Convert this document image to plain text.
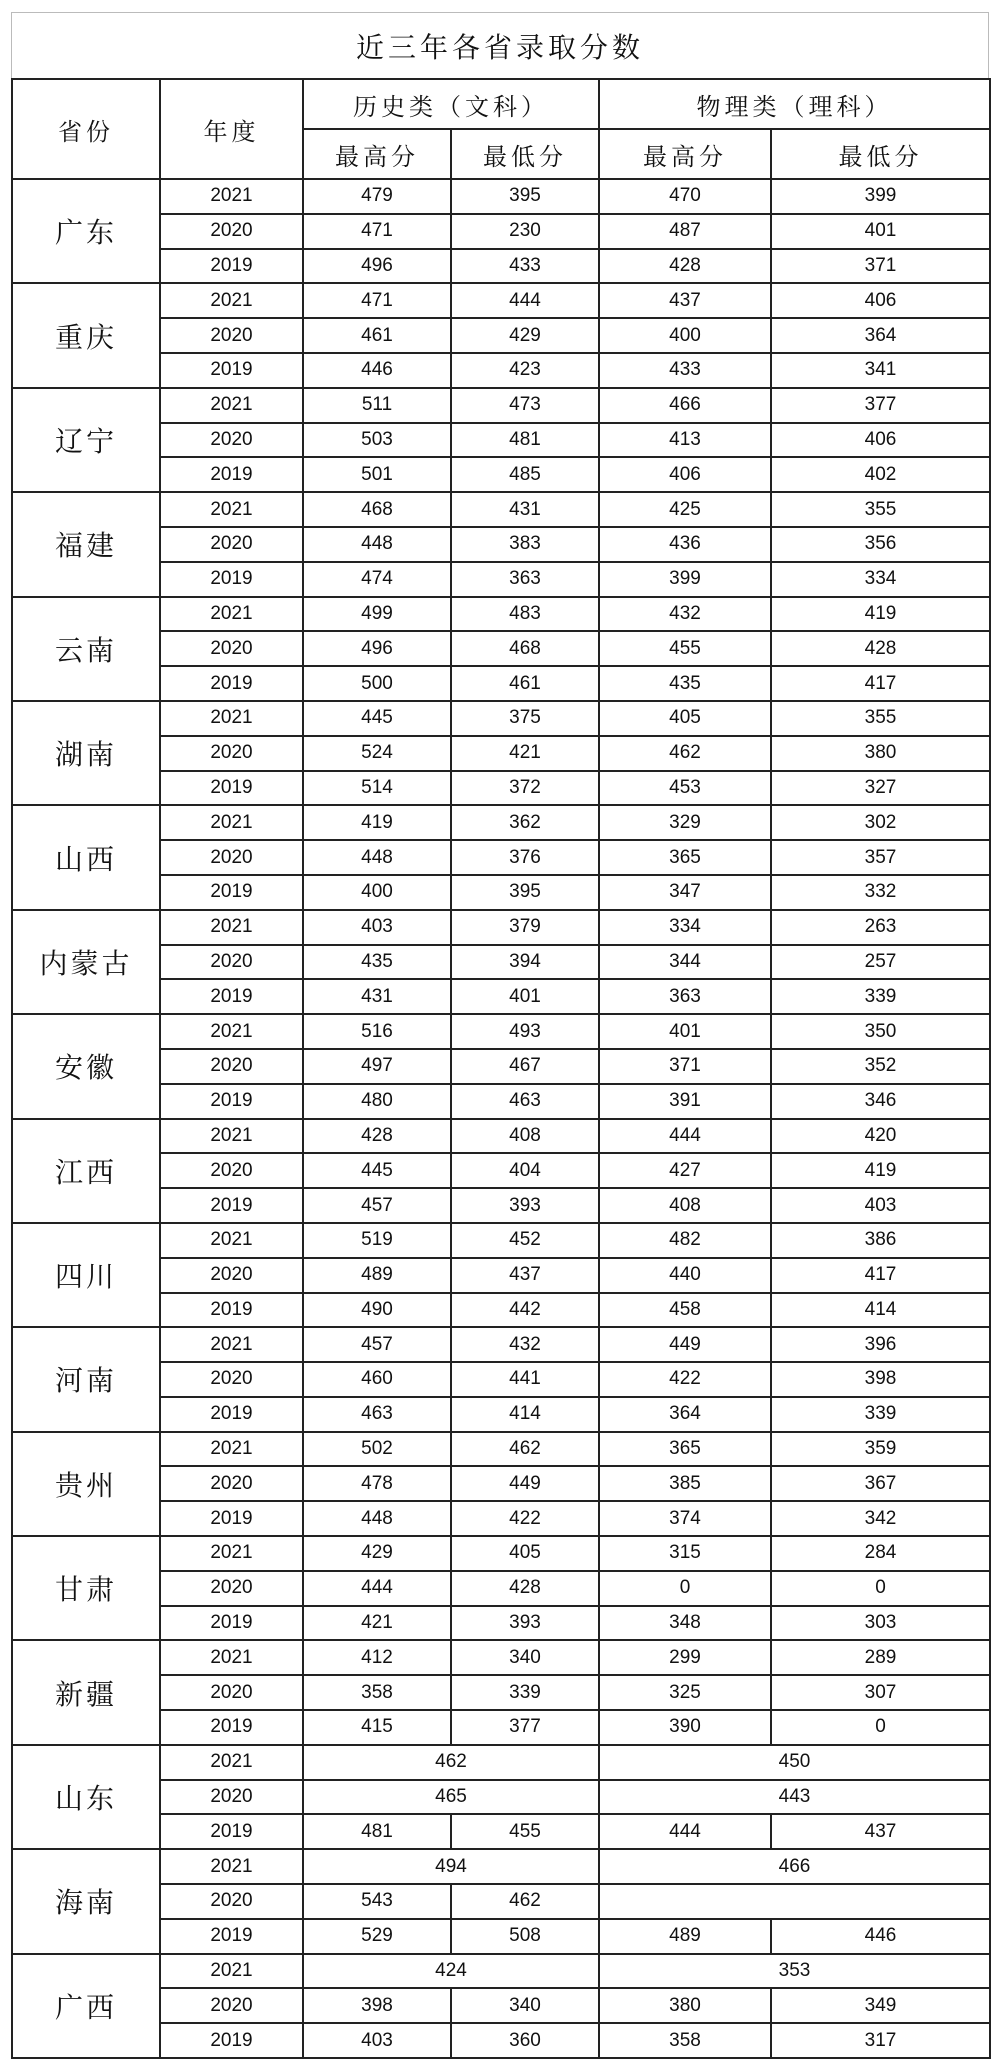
近三年各省录取分数
省份	年度	历史类（文科）		物理类（理科）	
		最高分	最低分	最高分	最低分
广东	2021	479	395	470	399
	2020	471	230	487	401
	2019	496	433	428	371
重庆	2021	471	444	437	406
	2020	461	429	400	364
	2019	446	423	433	341
辽宁	2021	511	473	466	377
	2020	503	481	413	406
	2019	501	485	406	402
福建	2021	468	431	425	355
	2020	448	383	436	356
	2019	474	363	399	334
云南	2021	499	483	432	419
	2020	496	468	455	428
	2019	500	461	435	417
湖南	2021	445	375	405	355
	2020	524	421	462	380
	2019	514	372	453	327
山西	2021	419	362	329	302
	2020	448	376	365	357
	2019	400	395	347	332
内蒙古	2021	403	379	334	263
	2020	435	394	344	257
	2019	431	401	363	339
安徽	2021	516	493	401	350
	2020	497	467	371	352
	2019	480	463	391	346
江西	2021	428	408	444	420
	2020	445	404	427	419
	2019	457	393	408	403
四川	2021	519	452	482	386
	2020	489	437	440	417
	2019	490	442	458	414
河南	2021	457	432	449	396
	2020	460	441	422	398
	2019	463	414	364	339
贵州	2021	502	462	365	359
	2020	478	449	385	367
	2019	448	422	374	342
甘肃	2021	429	405	315	284
	2020	444	428	0	0
	2019	421	393	348	303
新疆	2021	412	340	299	289
	2020	358	339	325	307
	2019	415	377	390	0
山东	2021	462		450	
	2020	465		443	
	2019	481	455	444	437
海南	2021	494		466	
	2020	543	462		
	2019	529	508	489	446
广西	2021	424		353	
	2020	398	340	380	349
	2019	403	360	358	317
